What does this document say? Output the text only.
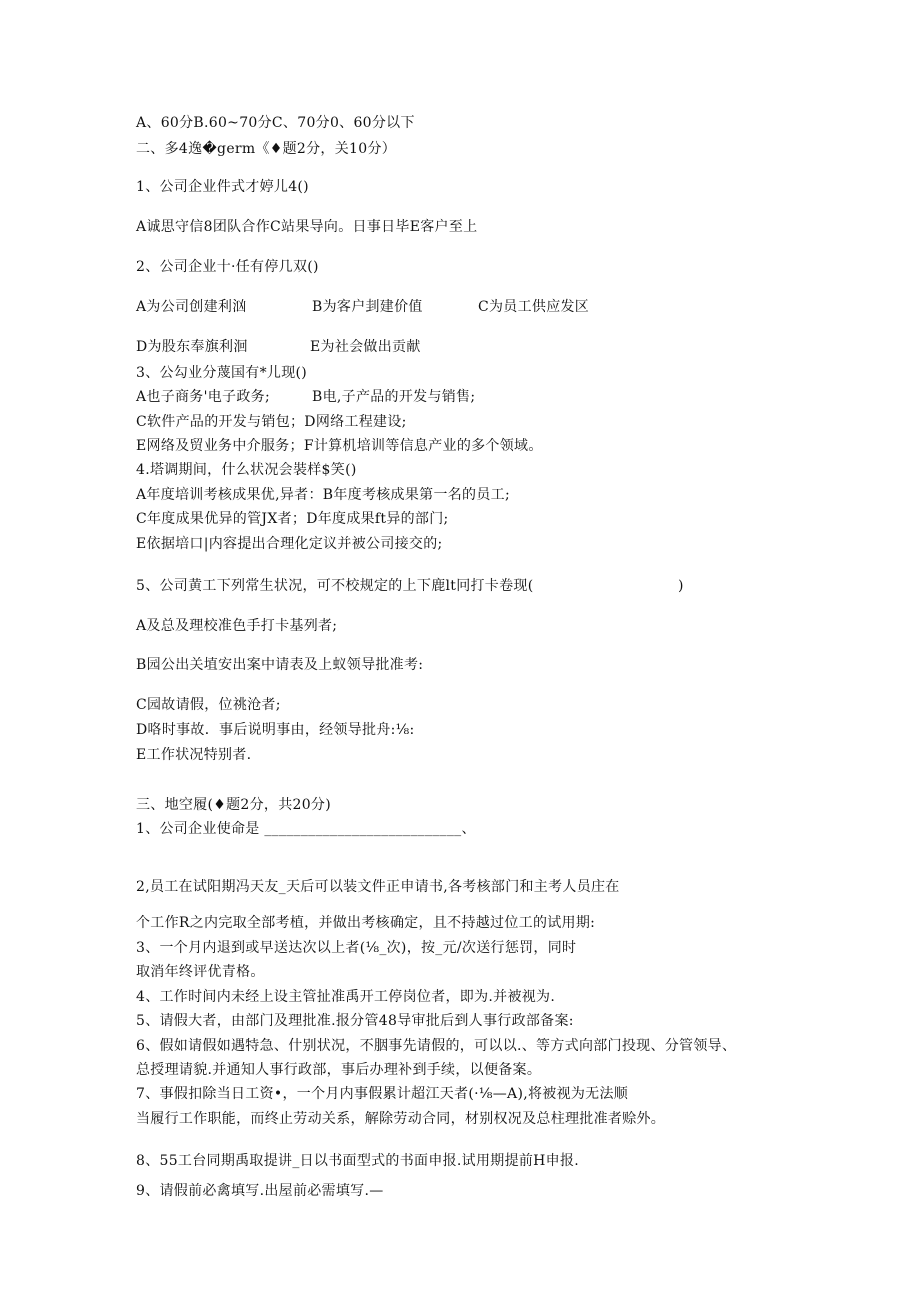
A、60分B.60~70分C、70分0、60分以下
二、多4逸�germ《♦题2分，关10分）
1、公司企业件式才婷儿4()
A诚思守信8团队合作C站果导向。日事日毕E客户至上
2、公司企业十·任有停几双()
A为公司创建利汹	B为客户刲建价值	C为员工供应发区
D为股东奉旗利洄	E为社会做出贡献
3、公勾业分蔑国有*儿现()
A也子商务'电子政务;	B电,子产品的开发与销售;
C软件产品的开发与销包；D网络工程建设;
E网络及贸业务中介服务；F计算机培训等信息产业的多个领域。
4.塔调期间，什么状况会裝样$笑()
A年度培训考核成果优,异者：B年度考核成果第一名的员工;
C年度成果优异的管JX者；D年度成果ft异的部门;
E依据培口|内容提出合理化定议并被公司接交的;
5、公司黄工下列常生状况，可不校规定的上下鹿lt冋打卡卷现(	)
A及总及理校准色手打卡基列者;
B园公出关埴安出案中请表及上蚁领导批准考:
C园故请假，位祧沧者;
D咯时事故．事后说明事由，经领导批舟:⅛:
E工作状况特别者.
三、地空履(♦题2分，共20分)
1、公司企业使命是 ___________________________、
2,员工在试阳期冯天友_天后可以装文件正申请书,各考核部门和主考人员庄在
个工作R之内完取全部考植，并做出考核确定，且不持越过位工的试用期:
3、一个月内退到或早送达次以上者(⅛_次)，按_元/次送行惩罚，同时
取消年终评优青格。
4、工作时间内未经上设主管扯准禹开工停岗位者，即为.并被视为.
5、请假大者，由部门及理批准.报分管48导审批后到人事行政部备案:
6、假如请假如遇特急、什别状况，不胭事先请假的，可以以.、等方式向部门投现、分管领导、
总授理请貌.并通知人事行政部，事后办理补到手续，以便备案。
7、事假扣除当日工资•，一个月内事假累计超江天者(·⅛—A),将被视为无法顺
当履行工作职能，而终止劳动关系，解除劳动合同，材别权况及总柱理批准者赊外。
8、55工台同期禹取提讲_日以书面型式的书面申报.试用期提前H申报.
9、请假前必禽填写.出屋前必需填写.—
